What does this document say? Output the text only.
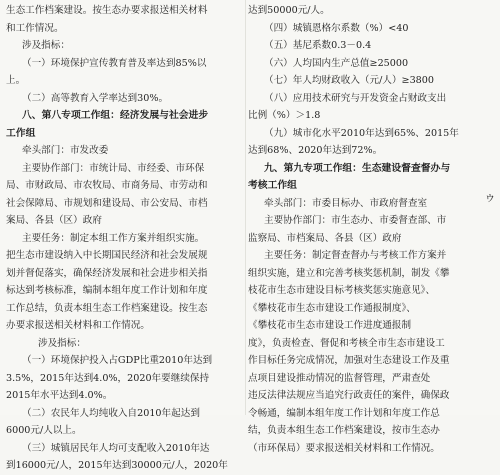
生态工作档案建设。按生态办要求报送相关材料
和工作情况。
涉及指标：
（一）环境保护宣传教育普及率达到85%以
上。
（二）高等教育入学率达到30%。
八、第八专项工作组：经济发展与社会进步
工作组
牵头部门：市发改委
主要协作部门：市统计局、市经委、市环保
局、市财政局、市农牧局、市商务局、市劳动和
社会保障局、市规划和建设局、市公安局、市档
案局、各县（区）政府
主要任务：制定本组工作方案并组织实施。
把生态市建设纳入中长期国民经济和社会发展规
划并督促落实，确保经济发展和社会进步相关指
标达到考核标准，编制本组年度工作计划和年度
工作总结，负责本组生态工作档案建设。按生态
办要求报送相关材料和工作情况。
涉及指标：
（一）环境保护投入占GDP比重2010年达到
3.5%，2015年达到4.0%，2020年要继续保持
2015年水平达到4.0%。
（二）农民年人均纯收入自2010年起达到
6000元/人以上。
（三）城镇居民年人均可支配收入2010年达
到16000元/人，2015年达到30000元/人，2020年
达到50000元/人。
（四）城镇恩格尔系数（%）<40
（五）基尼系数0.3－0.4
（六）人均国内生产总值≥25000
（七）年人均财政收入（元/人）≥3800
（八）应用技术研究与开发资金占财政支出
比例（%）＞1.8
（九）城市化水平2010年达到65%、2015年
达到68%、2020年达到72%。
九、第九专项工作组：生态建设督查督办与
考核工作组
牵头部门：市委目标办、市政府督查室
主要协作部门：市生态办、市委督查部、市
监察局、市档案局、各县（区）政府
主要任务：制定督查督办与考核工作方案并
组织实施，建立和完善考核奖惩机制，制发《攀
枝花市生态市建设目标考核奖惩实施意见》、
《攀枝花市生态市建设工作通报制度》、
《攀枝花市生态市建设工作进度通报制
度》，负责检查、督促和考核全市生态市建设工
作目标任务完成情况，加强对生态建设工作及重
点项目建设推动情况的监督管理，严肃查处
违反法律法规应当追究行政责任的案件，确保政
令畅通，编制本组年度工作计划和年度工作总
结，负责本组生态工作档案建设，按市生态办
（市环保局）要求报送相关材料和工作情况。
ゥ
